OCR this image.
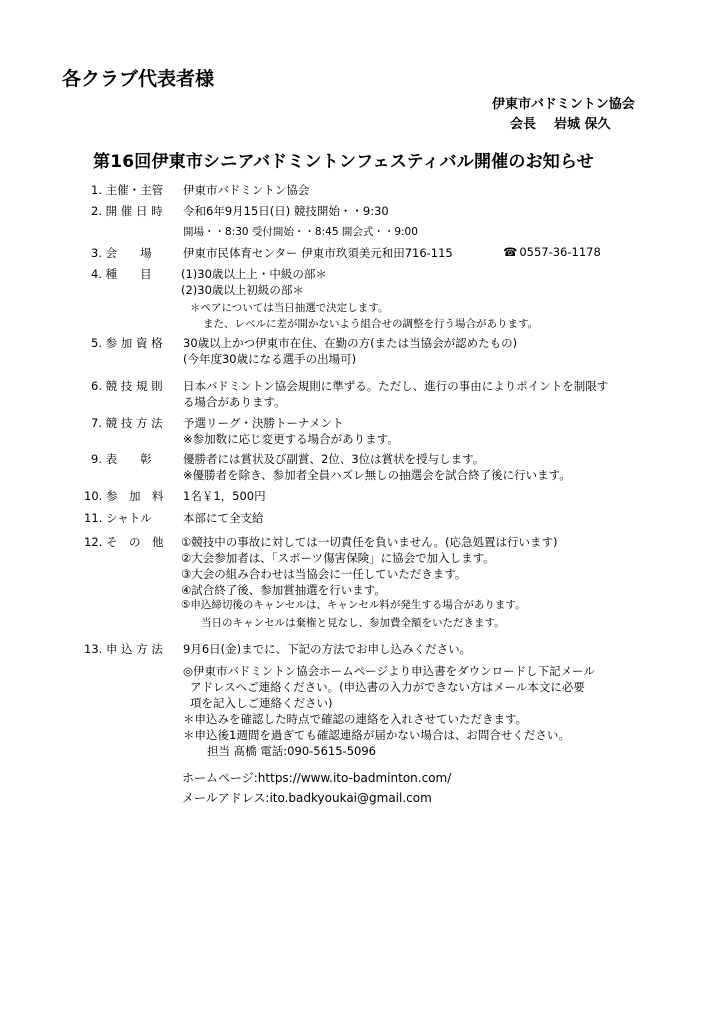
各クラブ代表者様
伊東市バドミントン協会
会長 岩城 保久
第16回伊東市シニアバドミントンフェスティバル開催のお知らせ
1. 主催・主管 伊東市バドミントン協会
2. 開 催 日 時 令和6年9月15日(日) 競技開始・・9:30
開場・・8:30 受付開始・・8:45 開会式・・9:00
3. 会　　場	伊東市民体育センター 伊東市玖須美元和田716-115	☎ 0557-36-1178
4. 種　　目	(1)30歳以上上・中級の部＊
(2)30歳以上初級の部＊
＊ペアについては当日抽選で決定します。
また、レベルに差が開かないよう組合せの調整を行う場合があります。
5. 参 加 資 格 30歳以上かつ伊東市在住、在勤の方(または当協会が認めたもの)
(今年度30歳になる選手の出場可)
6. 競 技 規 則 日本バドミントン協会規則に準ずる。ただし、進行の事由によりポイントを制限す
る場合があります。
7. 競 技 方 法 予選リーグ・決勝トーナメント
※参加数に応じ変更する場合があります。
9. 表　　彰	優勝者には賞状及び副賞、2位、3位は賞状を授与します。
※優勝者を除き、参加者全員ハズレ無しの抽選会を試合終了後に行います。
10. 参　加　料 1名￥1，500円
11. シャトル	本部にて全支給
12. そ　の　他 ①競技中の事故に対しては一切責任を負いません。(応急処置は行います)
②大会参加者は、「スポーツ傷害保険」に協会で加入します。
③大会の組み合わせは当協会に一任していただきます。
④試合終了後、参加賞抽選を行います。
⑤申込締切後のキャンセルは、キャンセル料が発生する場合があります。
当日のキャンセルは棄権と見なし、参加費全額をいただきます。
13. 申 込 方 法 9月6日(金)までに、下記の方法でお申し込みください。
◎伊東市バドミントン協会ホームページより申込書をダウンロードし下記メール
アドレスへご連絡ください。(申込書の入力ができない方はメール本文に必要
項を記入しご連絡ください)
＊申込みを確認した時点で確認の連絡を入れさせていただきます。
＊申込後1週間を過ぎても確認連絡が届かない場合は、お問合せください。
担当 髙橋 電話:090-5615-5096
ホームページ:https://www.ito-badminton.com/
メールアドレス:ito.badkyoukai@gmail.com
